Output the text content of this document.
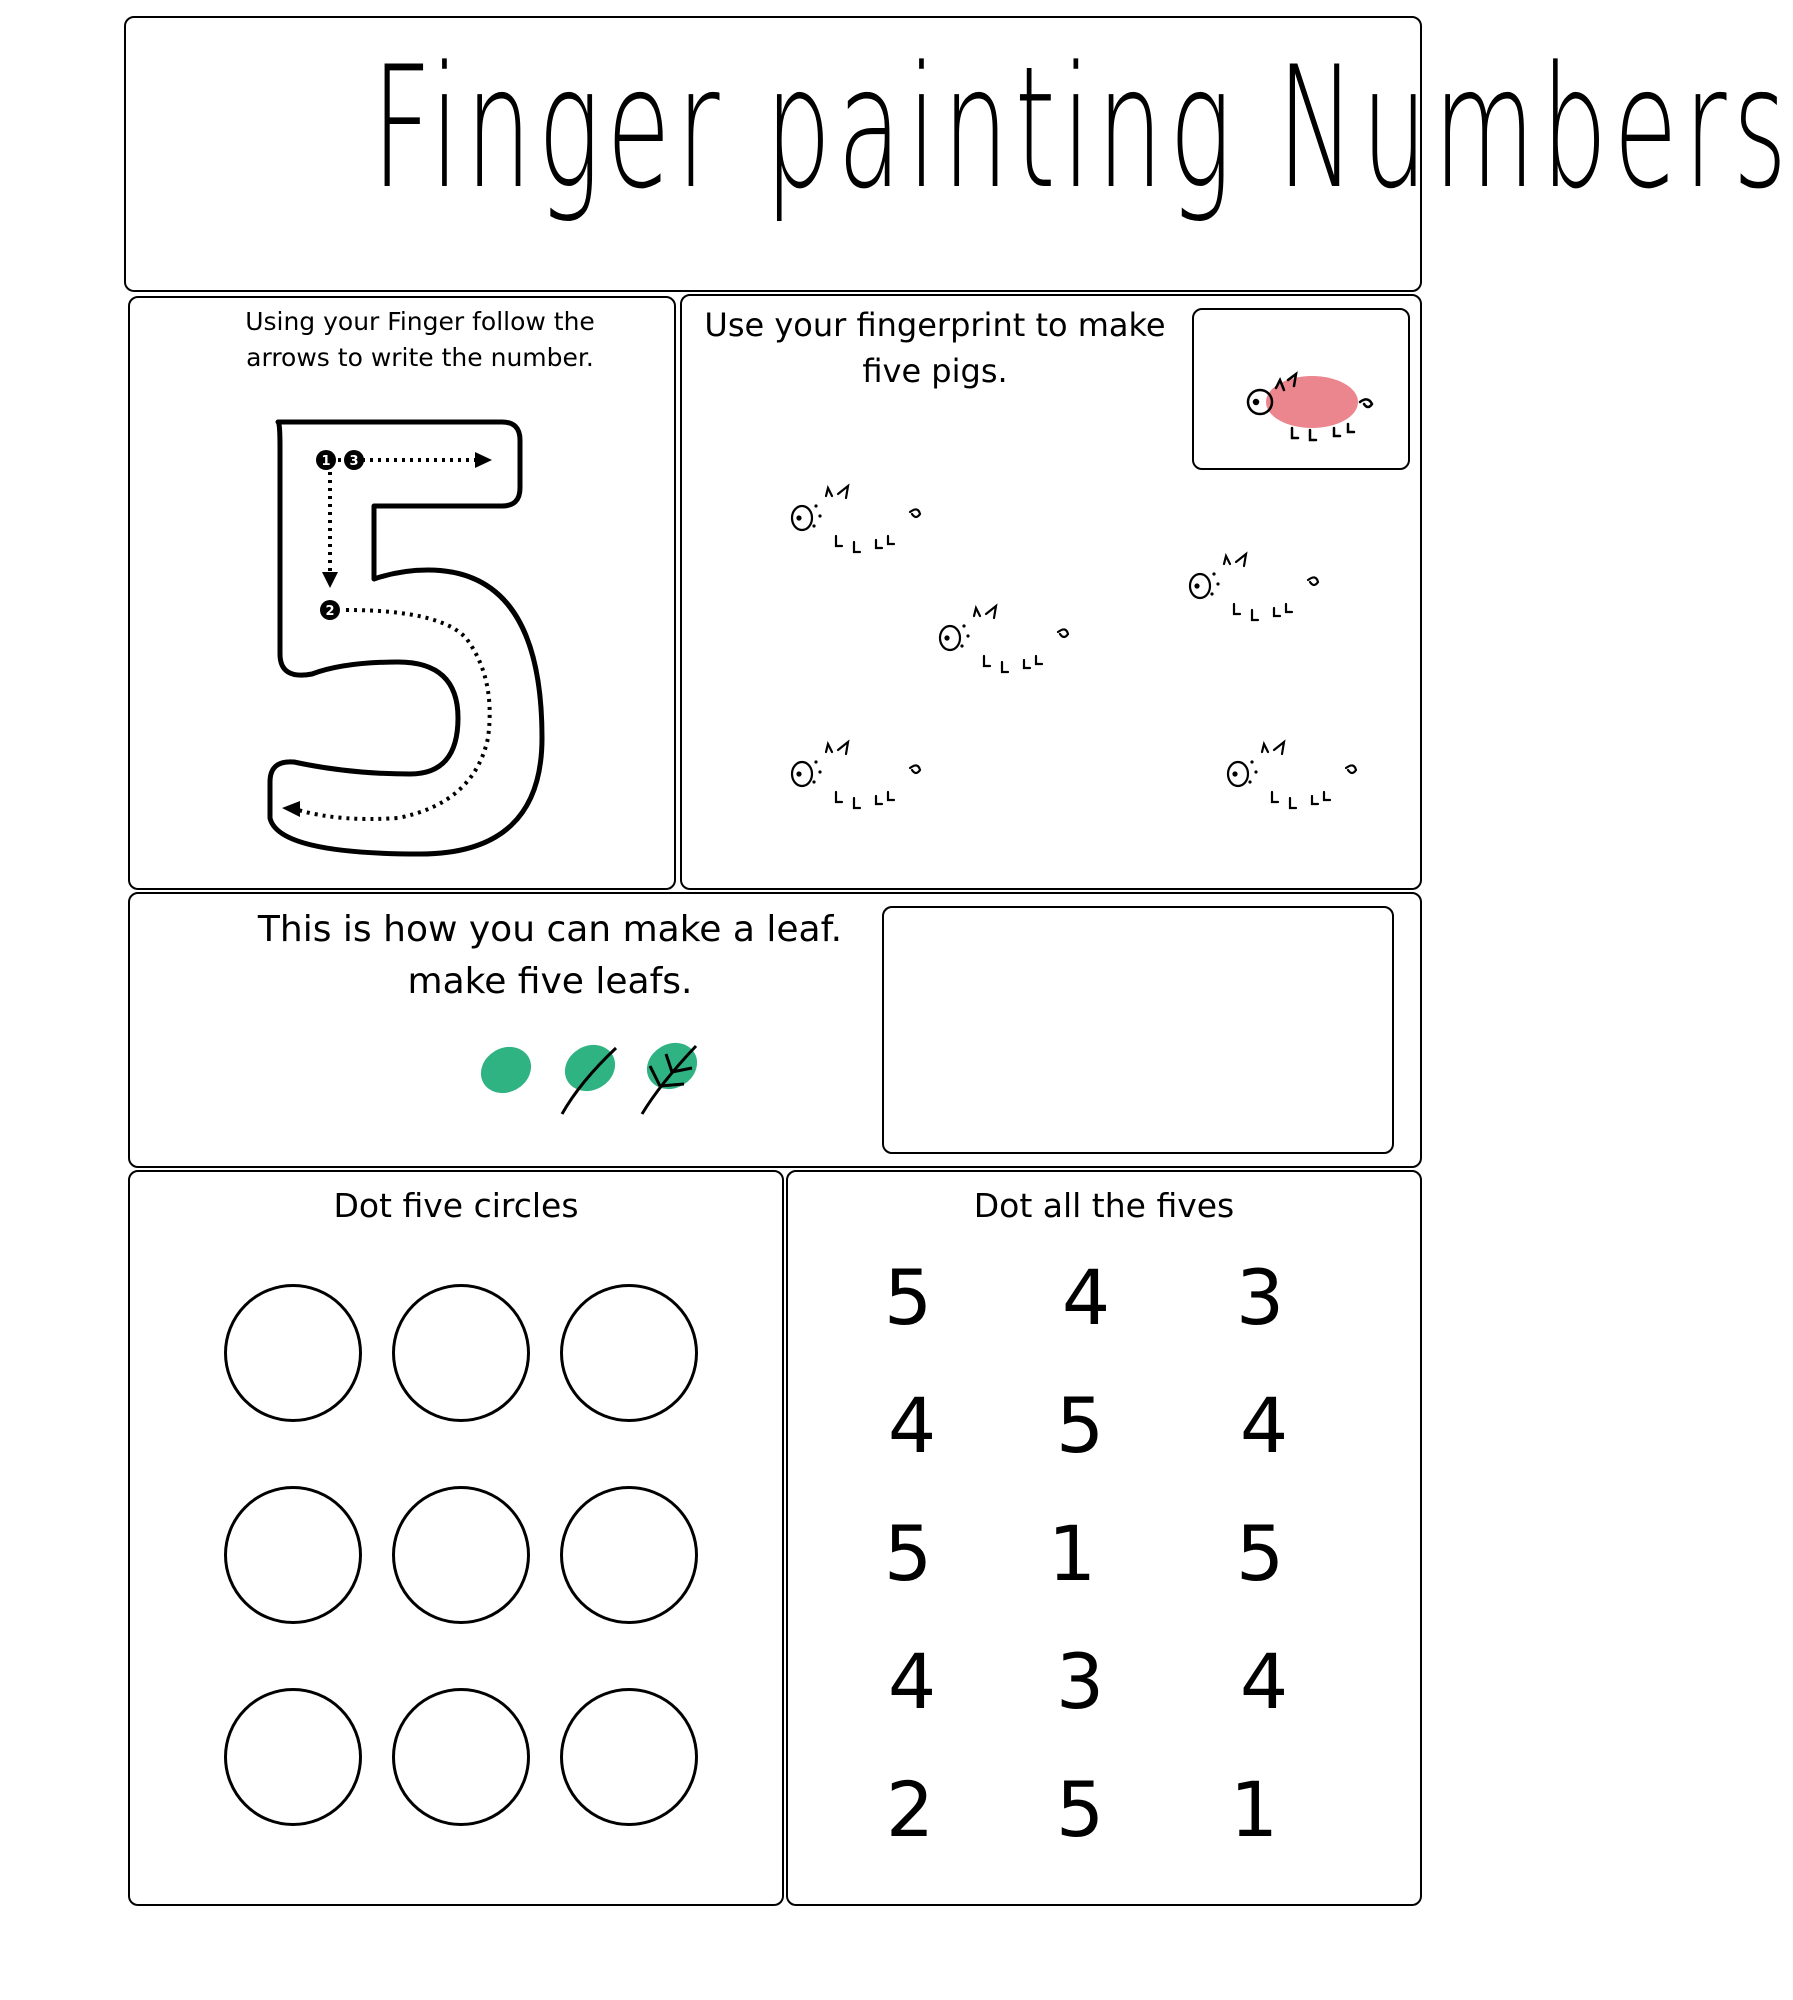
Finger painting Numbers
Using your Finger follow the
arrows to write the number.
1 3
2
Use your fingerprint to make
five pigs.
This is how you can make a leaf.
make five leafs.
Dot five circles	Dot all the fives
5 4 3
4 5 4
5 1 5
4 3 4
2 5 1
